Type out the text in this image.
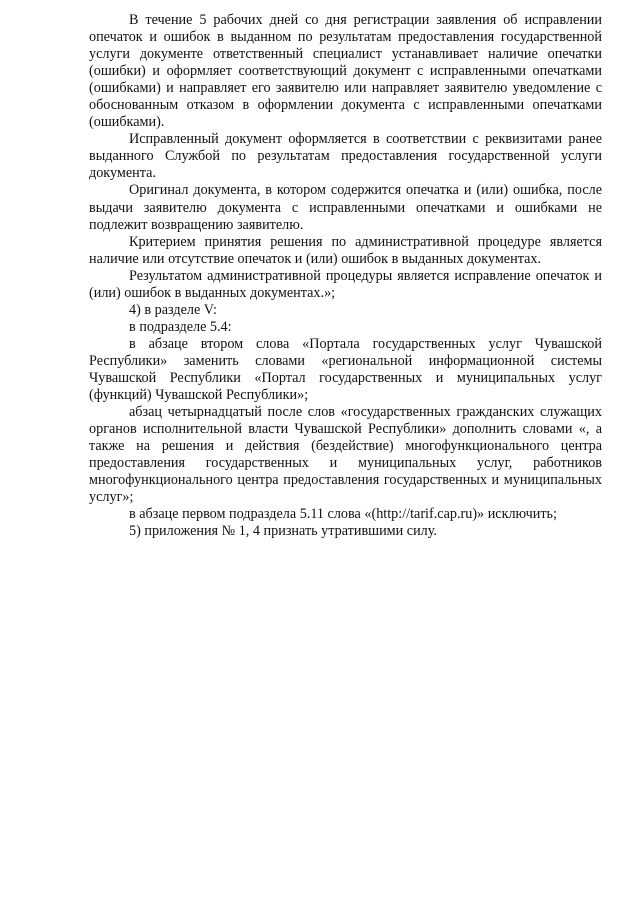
В течение 5 рабочих дней со дня регистрации заявления об исправлении опечаток и ошибок в выданном по результатам предоставления государственной услуги документе ответственный специалист устанавливает наличие опечатки (ошибки) и оформляет соответствующий документ с исправленными опечатками (ошибками) и направляет его заявителю или направляет заявителю уведомление с обоснованным отказом в оформлении документа с исправленными опечатками (ошибками).

Исправленный документ оформляется в соответствии с реквизитами ранее выданного Службой по результатам предоставления государственной услуги документа.

Оригинал документа, в котором содержится опечатка и (или) ошибка, после выдачи заявителю документа с исправленными опечатками и ошибками не подлежит возвращению заявителю.

Критерием принятия решения по административной процедуре является наличие или отсутствие опечаток и (или) ошибок в выданных документах.

Результатом административной процедуры является исправление опечаток и (или) ошибок в выданных документах.»;

4) в разделе V:

в подразделе 5.4:

в абзаце втором слова «Портала государственных услуг Чувашской Республики» заменить словами «региональной информационной системы Чувашской Республики «Портал государственных и муниципальных услуг (функций) Чувашской Республики»;

абзац четырнадцатый после слов «государственных гражданских служащих органов исполнительной власти Чувашской Республики» дополнить словами «, а также на решения и действия (бездействие) многофункционального центра предоставления государственных и муниципальных услуг, работников многофункционального центра предоставления государственных и муниципальных услуг»;

в абзаце первом подраздела 5.11 слова «(http://tarif.cap.ru)» исключить;

5) приложения № 1, 4 признать утратившими силу.
